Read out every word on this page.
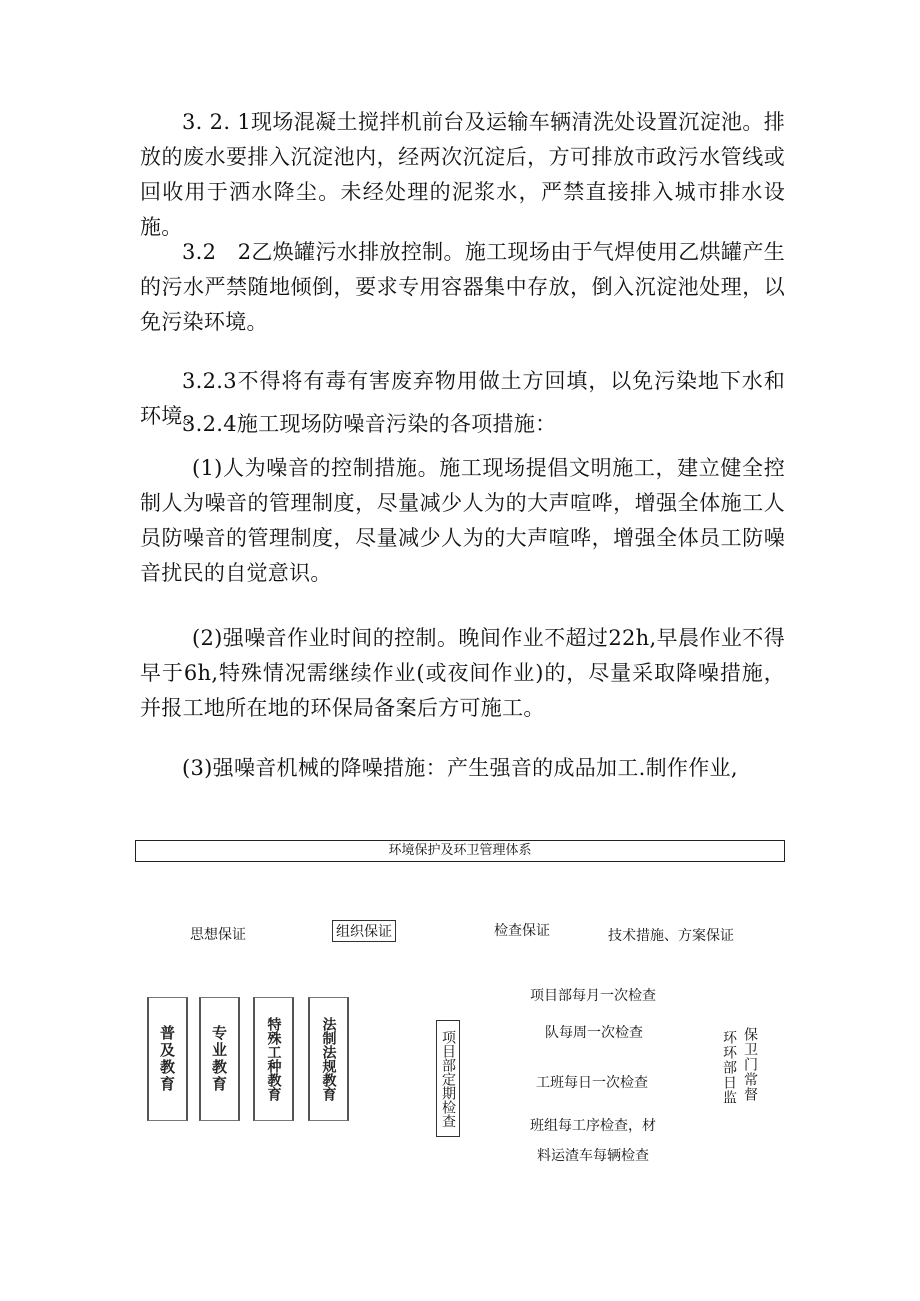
3. 2. 1现场混凝土搅拌机前台及运输车辆清洗处设置沉淀池。排放的废水要排入沉淀池内，经两次沉淀后，方可排放市政污水管线或回收用于洒水降尘。未经处理的泥浆水，严禁直接排入城市排水设施。

3.2　2乙焕罐污水排放控制。施工现场由于气焊使用乙烘罐产生的污水严禁随地倾倒，要求专用容器集中存放，倒入沉淀池处理，以免污染环境。

3.2.3不得将有毒有害废弃物用做土方回填，以免污染地下水和环境。

3.2.4施工现场防噪音污染的各项措施：

(1)人为噪音的控制措施。施工现场提倡文明施工，建立健全控制人为噪音的管理制度，尽量减少人为的大声喧哗，增强全体施工人员防噪音的管理制度，尽量减少人为的大声喧哗，增强全体员工防噪音扰民的自觉意识。

(2)强噪音作业时间的控制。晚间作业不超过22h,早晨作业不得早于6h,特殊情况需继续作业(或夜间作业)的，尽量采取降噪措施，并报工地所在地的环保局备案后方可施工。

(3)强噪音机械的降噪措施：产生强音的成品加工.制作作业,

环境保护及环卫管理体系
思想保证	组织保证	检查保证	技术措施、方案保证
普及教育 专业教育	特殊工种教育	法制法规教育	项目部定期检查
项目部每月一次检查
队每周一次检查
工班每日一次检查
班组每工序检查，材
料运渣车每辆检查
保卫门常督
环环部日监
